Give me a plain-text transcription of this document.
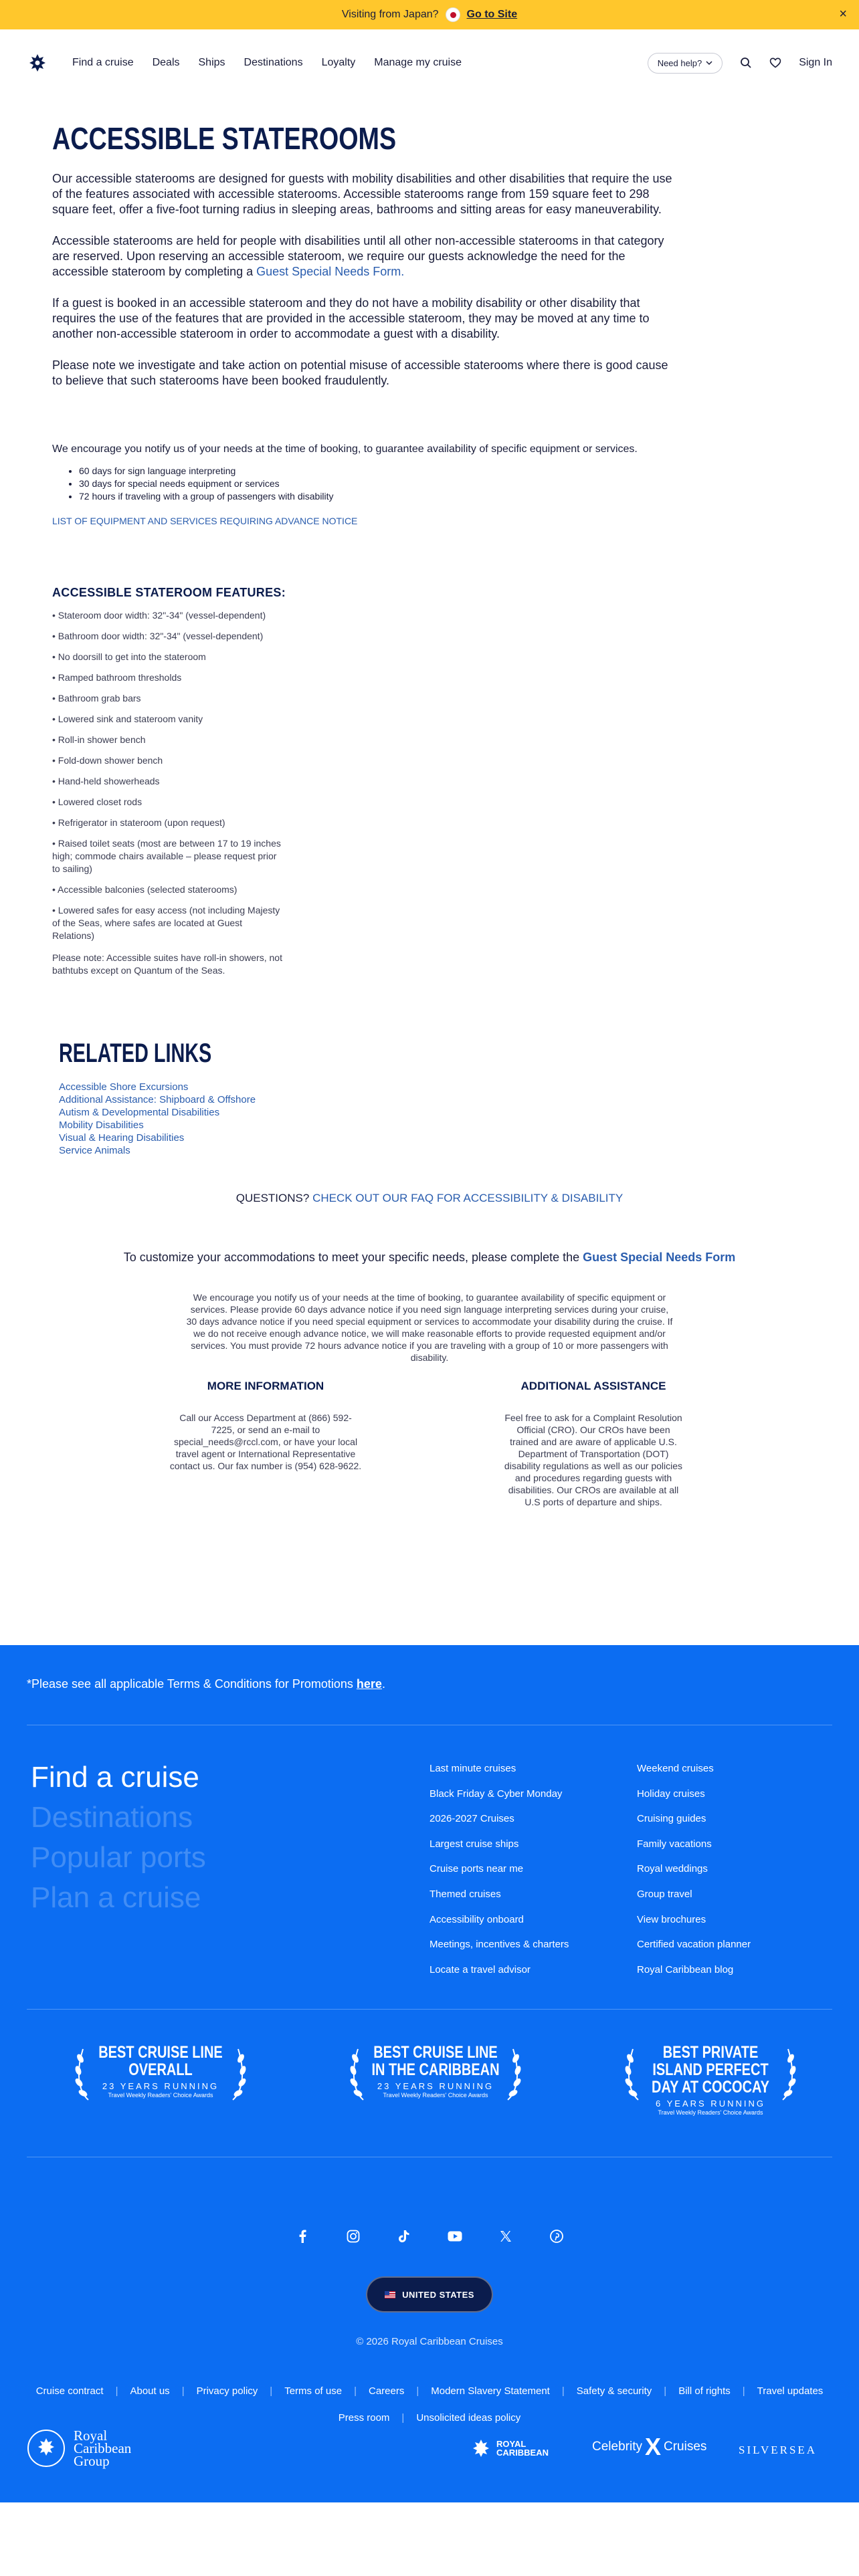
Visiting from Japan?	Go to Site	×
Find a cruise Deals Ships Destinations Loyalty Manage my cruise	Need help?	Sign In
ACCESSIBLE STATEROOMS

Our accessible staterooms are designed for guests with mobility disabilities and other disabilities that require the use of the features associated with accessible staterooms. Accessible staterooms range from 159 square feet to 298 square feet, offer a five-foot turning radius in sleeping areas, bathrooms and sitting areas for easy maneuverability.

Accessible staterooms are held for people with disabilities until all other non-accessible staterooms in that category are reserved. Upon reserving an accessible stateroom, we require our guests acknowledge the need for the accessible stateroom by completing a Guest Special Needs Form.

If a guest is booked in an accessible stateroom and they do not have a mobility disability or other disability that requires the use of the features that are provided in the accessible stateroom, they may be moved at any time to another non-accessible stateroom in order to accommodate a guest with a disability.

Please note we investigate and take action on potential misuse of accessible staterooms where there is good cause to believe that such staterooms have been booked fraudulently.

We encourage you notify us of your needs at the time of booking, to guarantee availability of specific equipment or services.
• 60 days for sign language interpreting
• 30 days for special needs equipment or services
• 72 hours if traveling with a group of passengers with disability
LIST OF EQUIPMENT AND SERVICES REQUIRING ADVANCE NOTICE
ACCESSIBLE STATEROOM FEATURES:
• Stateroom door width: 32"-34" (vessel-dependent)
• Bathroom door width: 32"-34" (vessel-dependent)
• No doorsill to get into the stateroom
• Ramped bathroom thresholds
• Bathroom grab bars
• Lowered sink and stateroom vanity
• Roll-in shower bench
• Fold-down shower bench
• Hand-held showerheads
• Lowered closet rods
• Refrigerator in stateroom (upon request)
• Raised toilet seats (most are between 17 to 19 inches high; commode chairs available – please request prior to sailing)
• Accessible balconies (selected staterooms)
• Lowered safes for easy access (not including Majesty of the Seas, where safes are located at Guest Relations)
Please note: Accessible suites have roll-in showers, not bathtubs except on Quantum of the Seas.
RELATED LINKS
Accessible Shore Excursions
Additional Assistance: Shipboard & Offshore
Autism & Developmental Disabilities
Mobility Disabilities
Visual & Hearing Disabilities
Service Animals
QUESTIONS? CHECK OUT OUR FAQ FOR ACCESSIBILITY & DISABILITY
To customize your accommodations to meet your specific needs, please complete the Guest Special Needs Form
We encourage you notify us of your needs at the time of booking, to guarantee availability of specific equipment or services. Please provide 60 days advance notice if you need sign language interpreting services during your cruise, 30 days advance notice if you need special equipment or services to accommodate your disability during the cruise. If we do not receive enough advance notice, we will make reasonable efforts to provide requested equipment and/or services. You must provide 72 hours advance notice if you are traveling with a group of 10 or more passengers with disability.
MORE INFORMATION

Call our Access Department at (866) 592-7225, or send an e-mail to special_needs@rccl.com, or have your local travel agent or International Representative contact us. Our fax number is (954) 628-9622.

ADDITIONAL ASSISTANCE

Feel free to ask for a Complaint Resolution Official (CRO). Our CROs have been trained and are aware of applicable U.S. Department of Transportation (DOT) disability regulations as well as our policies and procedures regarding guests with disabilities. Our CROs are available at all U.S ports of departure and ships.

*Please see all applicable Terms & Conditions for Promotions here.
Find a cruise
Destinations
Popular ports
Plan a cruise
Last minute cruises	Weekend cruises
Black Friday & Cyber Monday	Holiday cruises
2026-2027 Cruises	Cruising guides
Largest cruise ships	Family vacations
Cruise ports near me	Royal weddings
Themed cruises	Group travel
Accessibility onboard	View brochures
Meetings, incentives & charters	Certified vacation planner
Locate a travel advisor	Royal Caribbean blog
BEST CRUISE LINE OVERALL
23 YEARS RUNNING
Travel Weekly Readers' Choice Awards
BEST CRUISE LINE IN THE CARIBBEAN
23 YEARS RUNNING
Travel Weekly Readers' Choice Awards
BEST PRIVATE ISLAND PERFECT DAY AT COCOCAY
6 YEARS RUNNING
Travel Weekly Readers' Choice Awards
UNITED STATES
© 2026 Royal Caribbean Cruises
Cruise contract | About us | Privacy policy | Terms of use | Careers | Modern Slavery Statement | Safety & security | Bill of rights | Travel updates
Press room | Unsolicited ideas policy
Royal
Caribbean
Group
ROYAL
CARIBBEAN	Celebrity X Cruises	SILVERSEA
